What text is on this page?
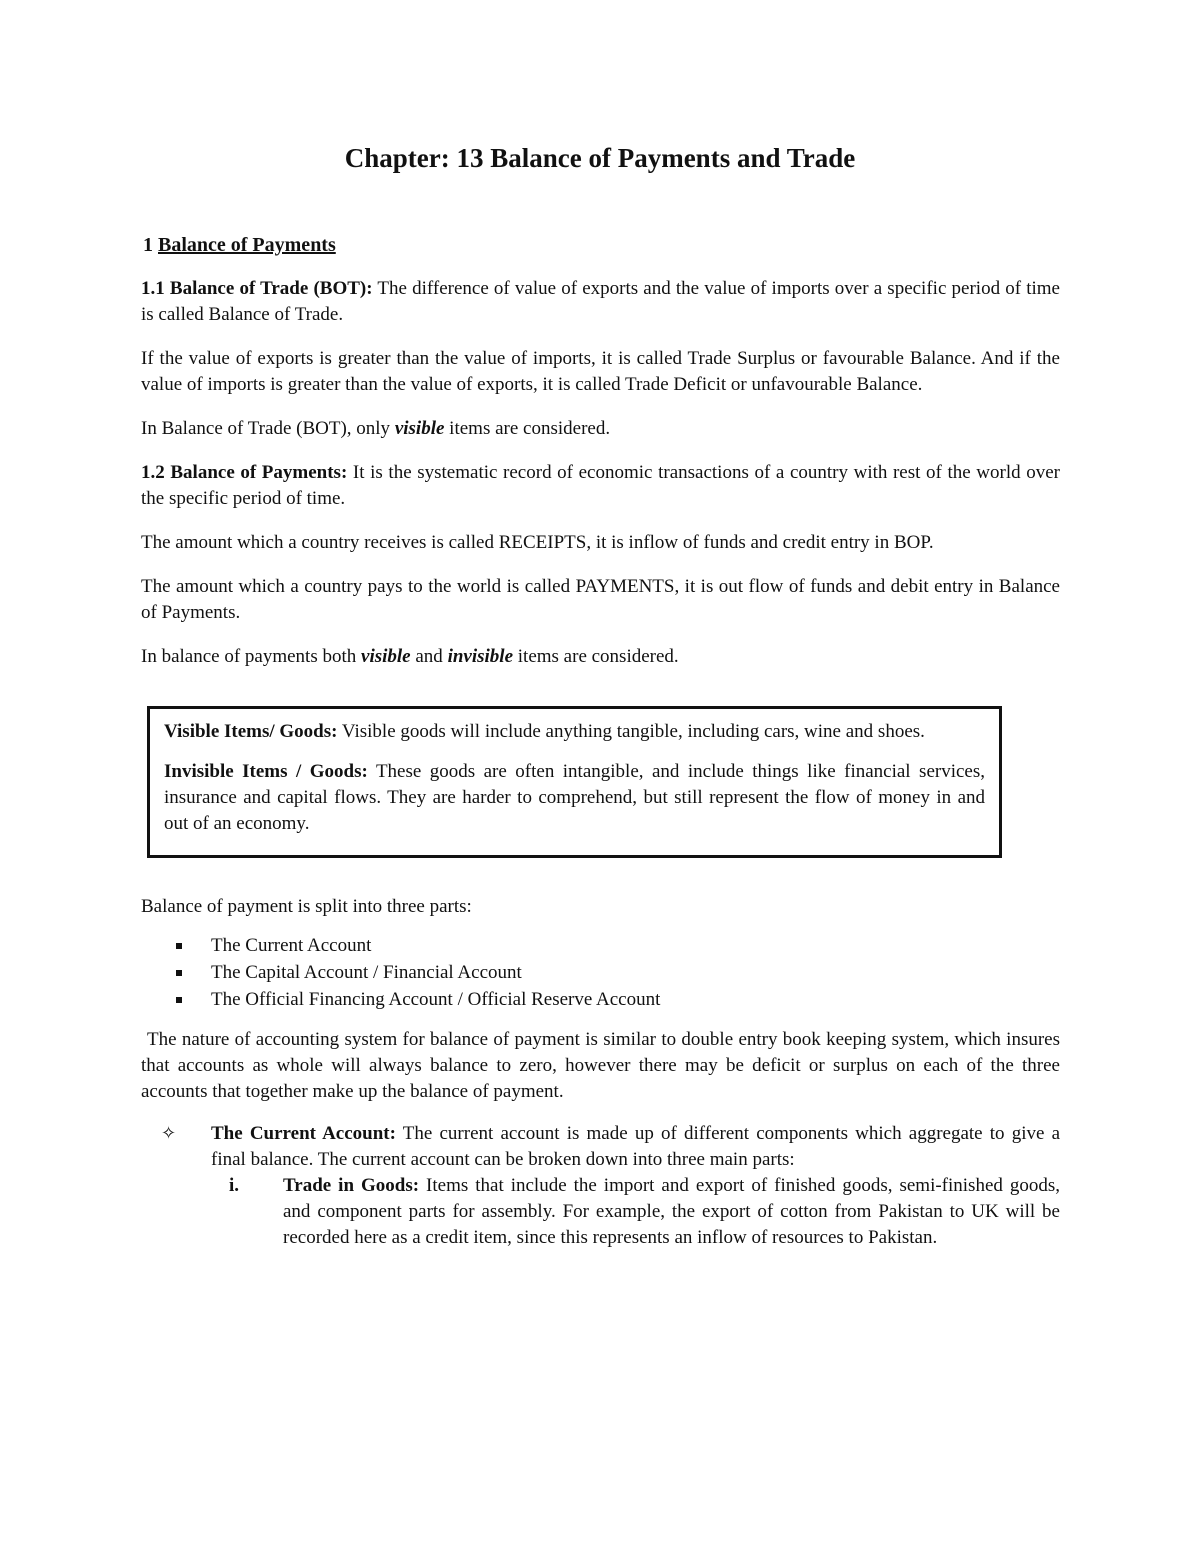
Chapter: 13 Balance of Payments and Trade
1 Balance of Payments

1.1 Balance of Trade (BOT): The difference of value of exports and the value of imports over a specific period of time is called Balance of Trade.

If the value of exports is greater than the value of imports, it is called Trade Surplus or favourable Balance. And if the value of imports is greater than the value of exports, it is called Trade Deficit or unfavourable Balance.

In Balance of Trade (BOT), only visible items are considered.

1.2 Balance of Payments: It is the systematic record of economic transactions of a country with rest of the world over the specific period of time.

The amount which a country receives is called RECEIPTS, it is inflow of funds and credit entry in BOP.

The amount which a country pays to the world is called PAYMENTS, it is out flow of funds and debit entry in Balance of Payments.

In balance of payments both visible and invisible items are considered.

Visible Items/ Goods: Visible goods will include anything tangible, including cars, wine and shoes.

Invisible Items / Goods: These goods are often intangible, and include things like financial services, insurance and capital flows. They are harder to comprehend, but still represent the flow of money in and out of an economy.

Balance of payment is split into three parts:

The Current Account
The Capital Account / Financial Account
The Official Financing Account / Official Reserve Account

The nature of accounting system for balance of payment is similar to double entry book keeping system, which insures that accounts as whole will always balance to zero, however there may be deficit or surplus on each of the three accounts that together make up the balance of payment.

✧ The Current Account: The current account is made up of different components which aggregate to give a final balance. The current account can be broken down into three main parts:

i. Trade in Goods: Items that include the import and export of finished goods, semi-finished goods, and component parts for assembly. For example, the export of cotton from Pakistan to UK will be recorded here as a credit item, since this represents an inflow of resources to Pakistan.
